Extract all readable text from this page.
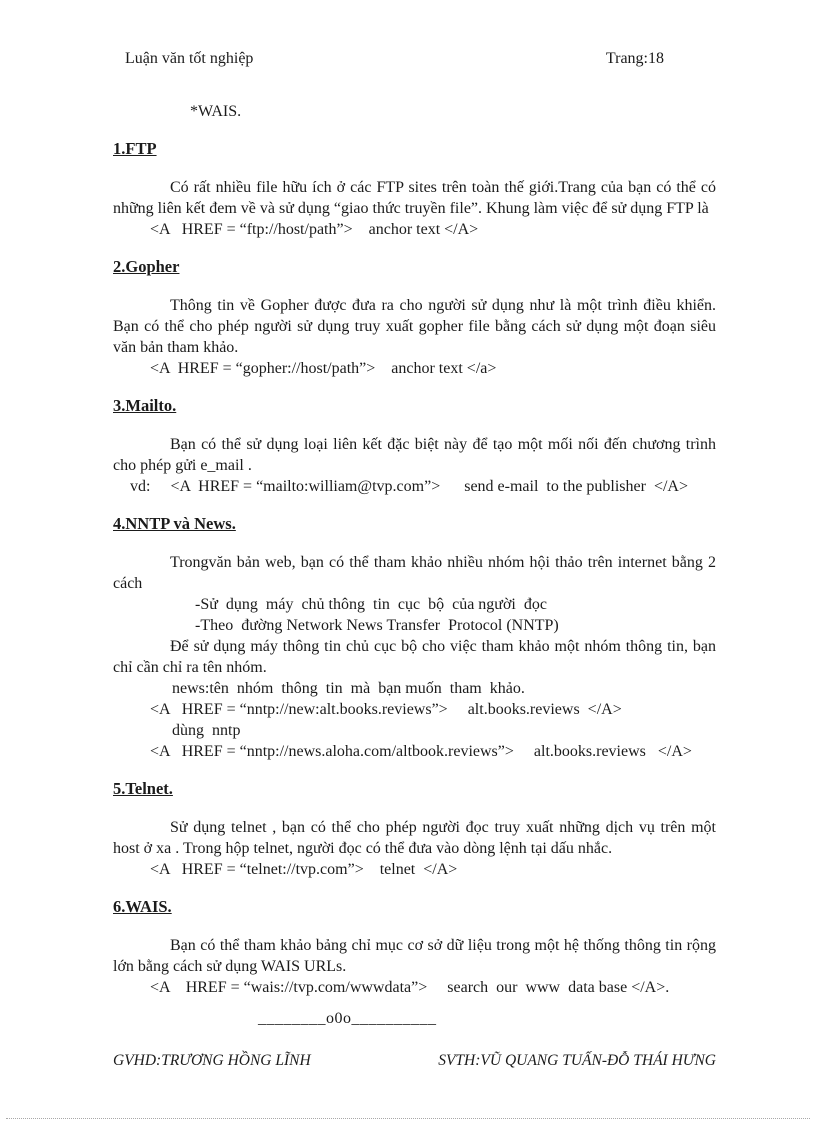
Luận văn tốt nghiệp	Trang:18
*WAIS.
1.FTP
Có rất nhiều file hữu ích ở các FTP sites trên toàn thế giới.Trang của bạn có thể có những liên kết đem về và sử dụng “giao thức truyền file”. Khung làm việc để sử dụng FTP là
<A   HREF = “ftp://host/path”>    anchor text </A>
2.Gopher
Thông tin về Gopher được đưa ra cho người sử dụng như là một trình điều khiển. Bạn có thể cho phép người sử dụng truy xuất gopher file bằng cách sử dụng một đoạn siêu văn bản tham khảo.
<A  HREF = “gopher://host/path”>    anchor text </a>
3.Mailto.
Bạn có thể sử dụng loại liên kết đặc biệt này để tạo một mối nối đến chương trình cho phép gửi e_mail .
vd:     <A  HREF = “mailto:william@tvp.com”>      send e-mail  to the publisher  </A>
4.NNTP và News.
Trongvăn bản web, bạn có thể tham khảo nhiều nhóm hội thảo trên internet bằng 2 cách
-Sử  dụng  máy  chủ thông  tin  cục  bộ  của người  đọc
-Theo  đường Network News Transfer  Protocol (NNTP)
Để sử dụng máy thông tin chủ cục bộ cho việc tham khảo một nhóm thông tin, bạn chỉ cần chỉ ra tên nhóm.
news:tên  nhóm  thông  tin  mà  bạn muốn  tham  khảo.
<A   HREF = “nntp://new:alt.books.reviews”>     alt.books.reviews  </A>
dùng  nntp
<A   HREF = “nntp://news.aloha.com/altbook.reviews”>     alt.books.reviews   </A>
5.Telnet.
Sử dụng telnet , bạn có thể cho phép người đọc truy xuất những dịch vụ trên một host ở xa . Trong hộp telnet, người đọc có thể đưa vào dòng lệnh tại dấu nhắc.
<A   HREF = “telnet://tvp.com”>    telnet  </A>
6.WAIS.
Bạn có thể tham khảo bảng chỉ mục cơ sở dữ liệu trong một hệ thống thông tin rộng lớn bằng cách sử dụng WAIS URLs.
<A    HREF = “wais://tvp.com/wwwdata”>     search  our  www  data base </A>.
________o0o__________
GVHD:TRƯƠNG HỒNG LĨNH	SVTH:VŨ QUANG TUẤN-ĐỖ THÁI HƯNG
